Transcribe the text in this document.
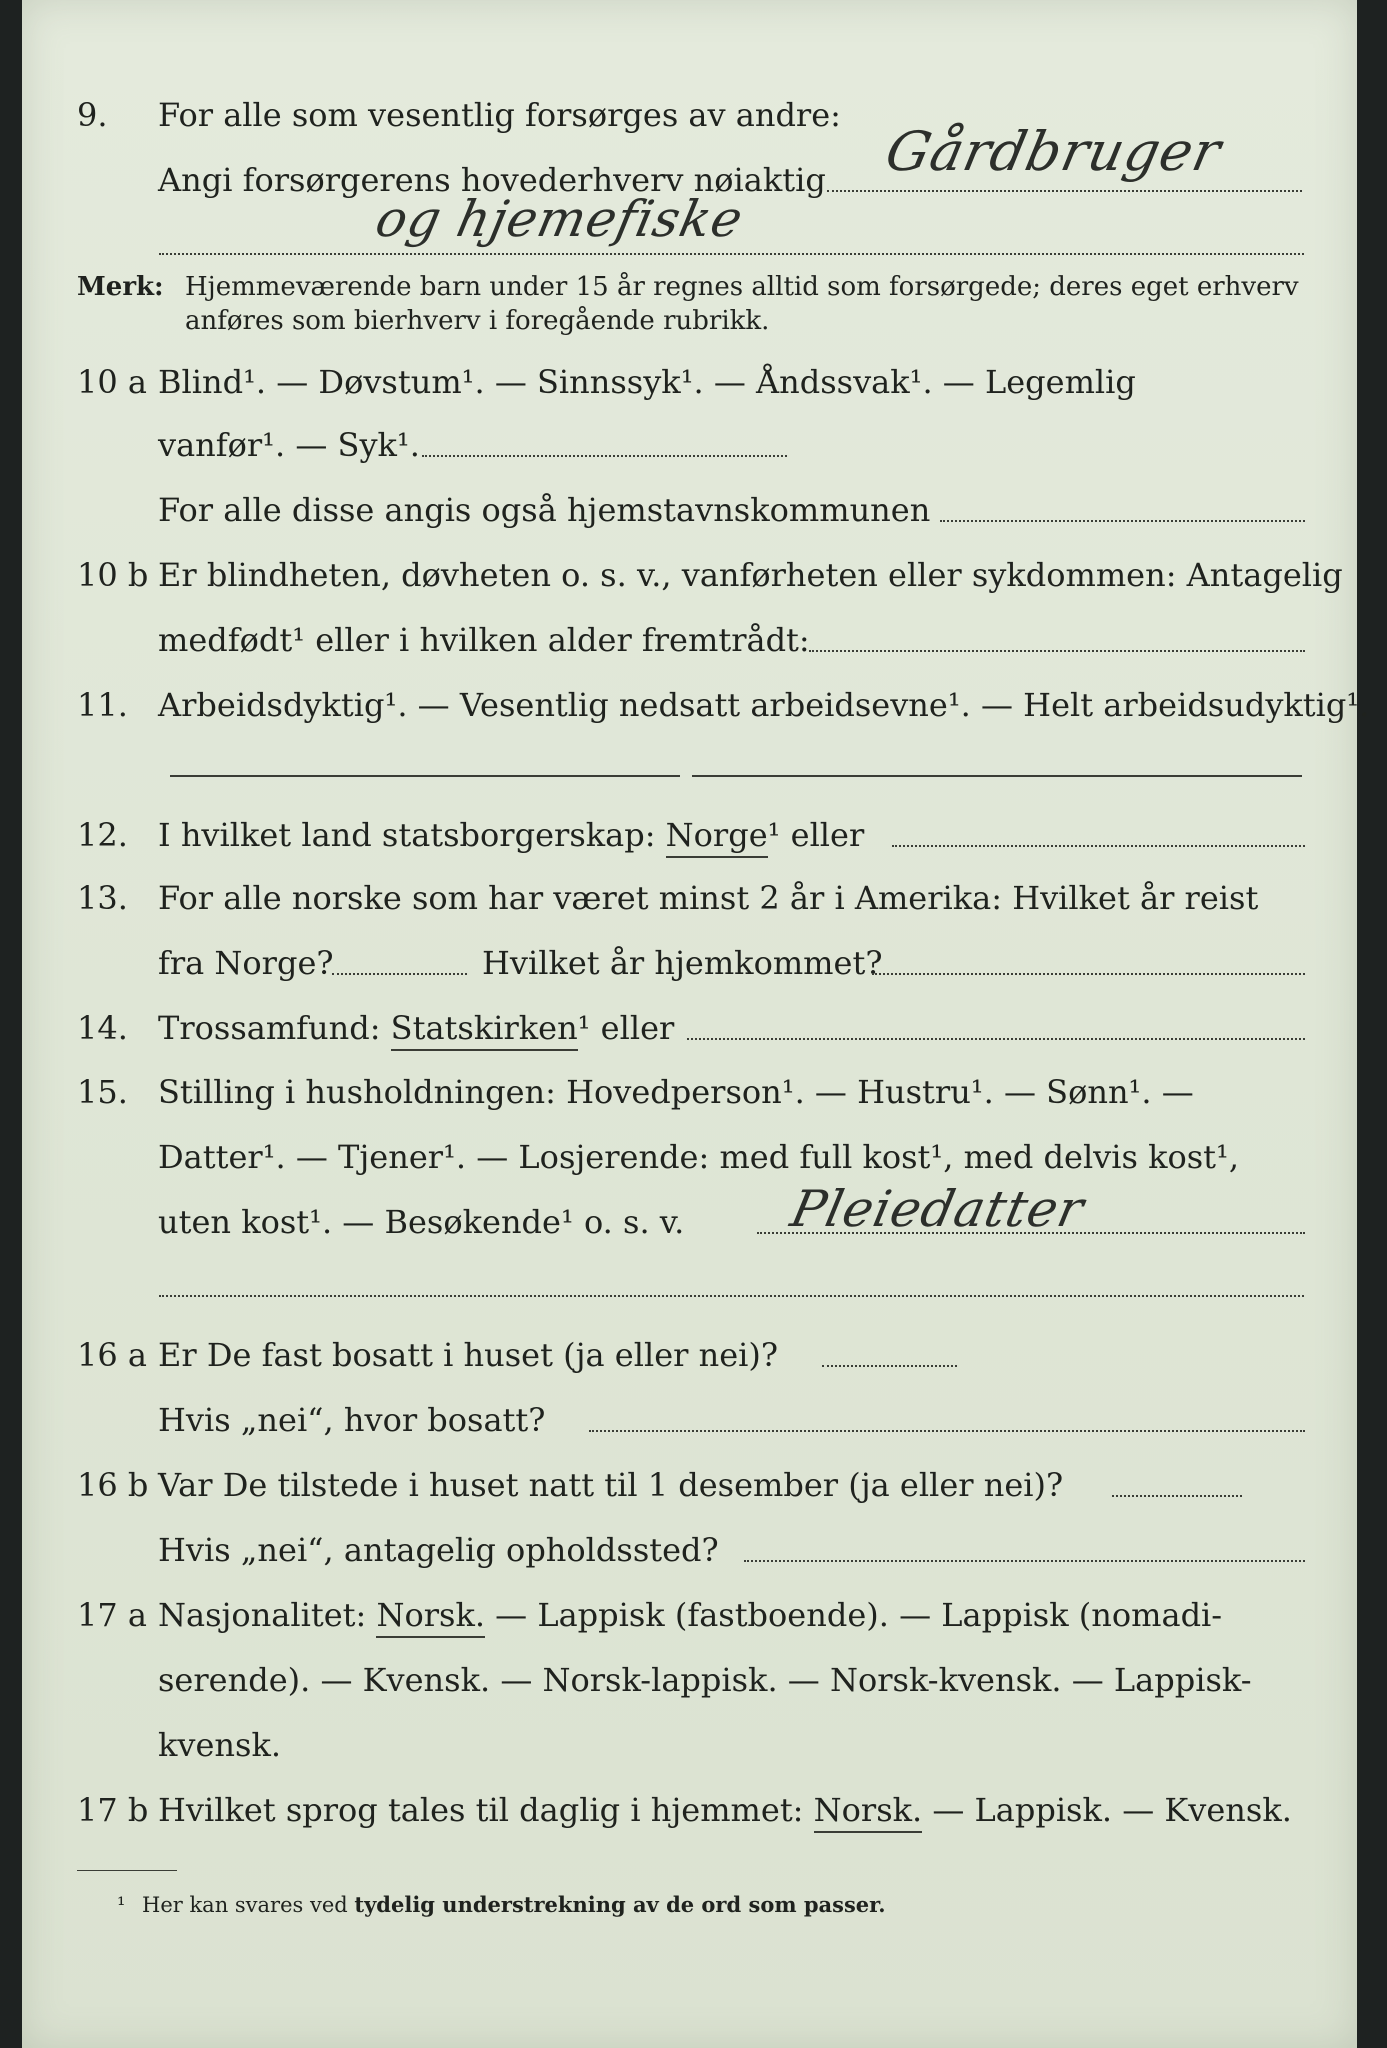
9. For alle som vesentlig forsørges av andre:
Angi forsørgerens hovederhverv nøiaktig Gårdbruger
og hjemefiske
Merk: Hjemmeværende barn under 15 år regnes alltid som forsørgede; deres eget erhverv
anføres som bierhverv i foregående rubrikk.
10 a Blind¹. — Døvstum¹. — Sinnssyk¹. — Åndssvak¹. — Legemlig
vanfør¹. — Syk¹.
For alle disse angis også hjemstavnskommunen
10 b Er blindheten, døvheten o. s. v., vanførheten eller sykdommen: Antagelig
medfødt¹ eller i hvilken alder fremtrådt:
11. Arbeidsdyktig¹. — Vesentlig nedsatt arbeidsevne¹. — Helt arbeidsudyktig¹.
12. I hvilket land statsborgerskap: Norge¹ eller
13. For alle norske som har været minst 2 år i Amerika: Hvilket år reist
fra Norge?	Hvilket år hjemkommet?
14. Trossamfund: Statskirken¹ eller
15. Stilling i husholdningen: Hovedperson¹. — Hustru¹. — Sønn¹. —
Datter¹. — Tjener¹. — Losjerende: med full kost¹, med delvis kost¹,
uten kost¹. — Besøkende¹ o. s. v. Pleiedatter
16 a Er De fast bosatt i huset (ja eller nei)?
Hvis „nei“, hvor bosatt?
16 b Var De tilstede i huset natt til 1 desember (ja eller nei)?
Hvis „nei“, antagelig opholdssted?
17 a Nasjonalitet: Norsk. — Lappisk (fastboende). — Lappisk (nomadi-
serende). — Kvensk. — Norsk-lappisk. — Norsk-kvensk. — Lappisk-
kvensk.
17 b Hvilket sprog tales til daglig i hjemmet: Norsk. — Lappisk. — Kvensk.
¹ Her kan svares ved tydelig understrekning av de ord som passer.
